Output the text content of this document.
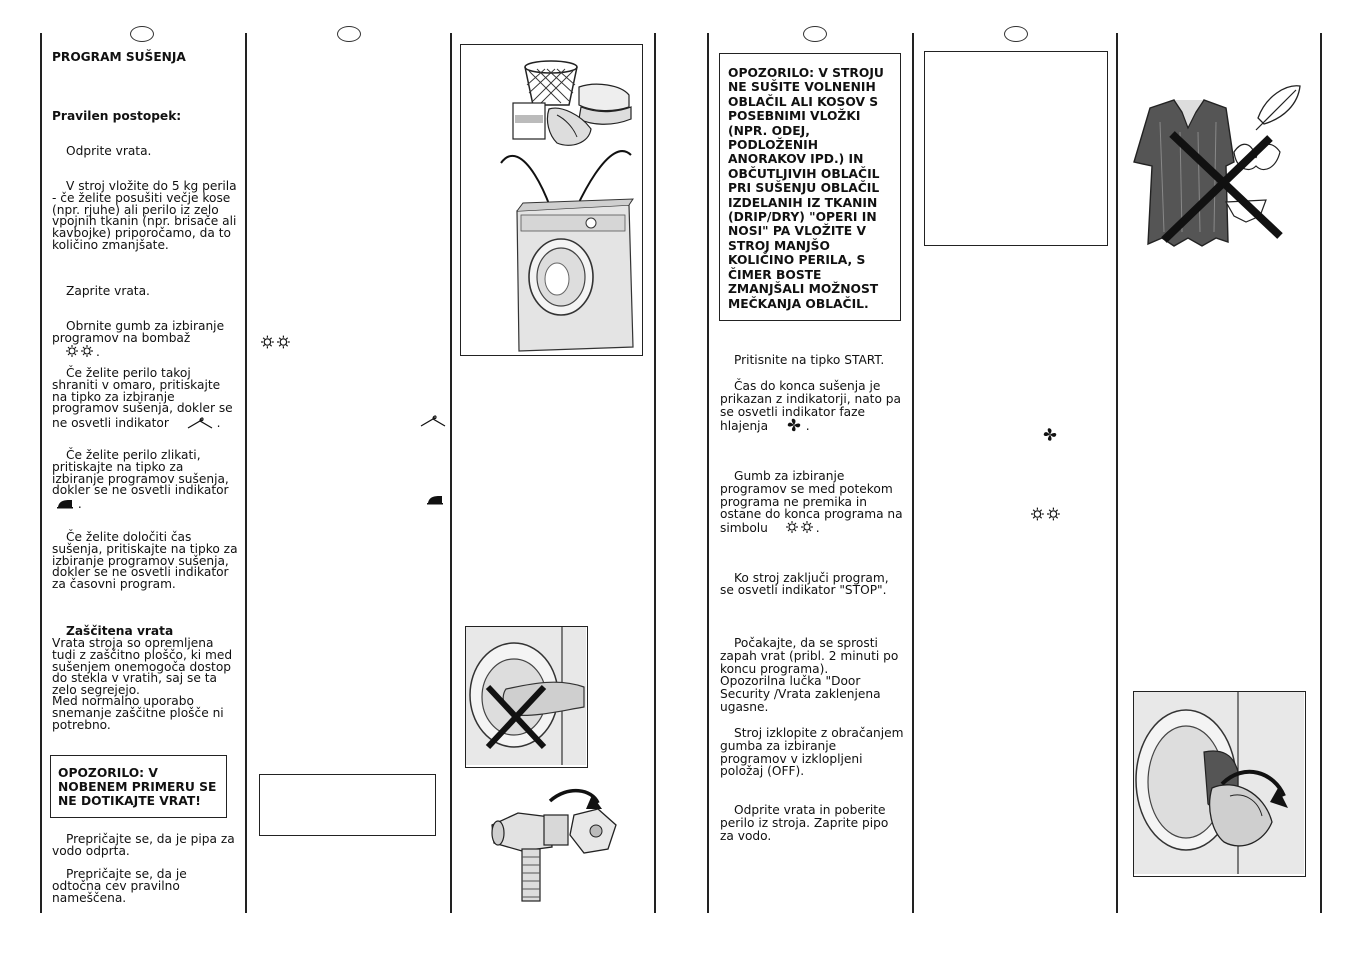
PROGRAM SUŠENJA
Pravilen postopek:
Odprite vrata.
V stroj vložite do 5 kg perila - če želite posušiti večje kose (npr. rjuhe) ali perilo iz zelo vpojnih tkanin (npr. brisače ali kavbojke) priporočamo, da to količino zmanjšate.
Zaprite vrata.
Obrnite gumb za izbiranje programov na bombaž .
Če želite perilo takoj shraniti v omaro, pritiskajte na tipko za izbiranje programov sušenja, dokler se ne osvetli indikator	.
Če želite perilo zlikati, pritiskajte na tipko za izbiranje programov sušenja, dokler se ne osvetli indikator
.
Če želite določiti čas sušenja, pritiskajte na tipko za izbiranje programov sušenja, dokler se ne osvetli indikator za časovni program.
Zaščitena vrata
Vrata stroja so opremljena tudi z zaščitno ploščo, ki med sušenjem onemogoča dostop do stekla v vratih, saj se ta zelo segrejejo.
Med normalno uporabo snemanje zaščitne plošče ni potrebno.
OPOZORILO: V NOBENEM PRIMERU SE NE DOTIKAJTE VRAT!
Prepričajte se, da je pipa za vodo odprta.
Prepričajte se, da je odtočna cev pravilno nameščena.
OPOZORILO: V STROJU NE SUŠITE VOLNENIH OBLAČIL ALI KOSOV S POSEBNIMI VLOŽKI (NPR. ODEJ, PODLOŽENIH ANORAKOV IPD.) IN OBČUTLJIVIH OBLAČIL PRI SUŠENJU OBLAČIL IZDELANIH IZ TKANIN (DRIP/DRY) "OPERI IN NOSI" PA VLOŽITE V STROJ MANJŠO KOLIČINO PERILA, S ČIMER BOSTE ZMANJŠALI MOŽNOST MEČKANJA OBLAČIL.
Pritisnite na tipko START.
Čas do konca sušenja je prikazan z indikatorji, nato pa se osvetli indikator faze hlajenja	.
Gumb za izbiranje programov se med potekom programa ne premika in ostane do konca programa na simbolu	.
Ko stroj zaključi program, se osvetli indikator "STOP".
Počakajte, da se sprosti zapah vrat (pribl. 2 minuti po koncu programa).
Opozorilna lučka "Door Security /Vrata zaklenjena ugasne.
Stroj izklopite z obračanjem gumba za izbiranje programov v izklopljeni položaj (OFF).
Odprite vrata in poberite perilo iz stroja. Zaprite pipo za vodo.
